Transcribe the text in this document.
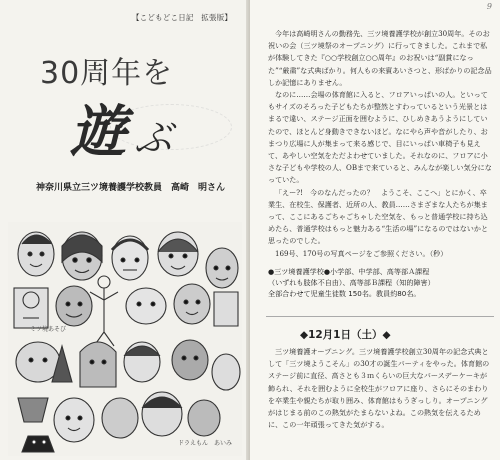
【こどもどこ日記　拡張版】
30周年を
遊 ぶ
神奈川県立三ツ境養護学校教員　高崎　明さん
ミツ境あそび
ドラえもん　あいみ
9

今年は高崎明さんの勤務先、三ツ境養護学校が創立30周年。そのお祝いの会（三ツ境祭のオープニング）に行ってきました。これまで私が体験してきた『○○学校創立○○周年』のお祝いは“副賞になった”“厳粛”な式典ばかり。何人もの来賓あいさつと、形ばかりの記念品しか記憶にありません。

なのに……会場の体育館に入ると、フロアいっぱいの人。といってもサイズのそろった子どもたちが整然とすわっているという光景とはまるで違い、ステージ正面を囲むように、ひしめきあうようにしていたので、ほとんど身動きできないほど。なにやら声や音がしたり、おまつり広場に人が集まって来る感じで、目にいっぱい車椅子も見えて、あやしい空気をただよわせていました。それなのに、フロアに小さな子どもや学校の人、OBまで来ていると、みんなが楽しい気分になっていた。

「えー?!　今のなんだったの？　ようこそ、ここへ」とにかく、卒業生、在校生、保護者、近所の人、教員……さまざまな人たちが集まって、ここにあるごちゃごちゃした空気を、もっと普通学校に持ち込めたら、普通学校はもっと魅力ある“生活の場”になるのではないかと思ったのでした。

169号、170号の写真ページをご参照ください。（秒）

●三ツ境養護学校●小学部、中学部、高等部Ａ課程
（いずれも肢体不自由）、高等部Ｂ課程（知的障害）
全部合わせて児童生徒数 150名。教員約80名。
◆12月1日（土）◆

三ツ境養護オープニング。三ツ境養護学校創立30周年の記念式典として「三ツ境ようこそん」の30才の誕生パーティをやった。体育館のステージ前に直径、高さとも３ｍくらいの巨大なバースデーケーキが飾られ、それを囲むように全校生がフロアに座り、さらにそのまわりを卒業生や親たちが取り囲み、体育館はもうぎっしり。オープニングがはじまる前のこの熱気がたまらないよね。この熱気を伝えるために、この一年頑張ってきた気がする。
